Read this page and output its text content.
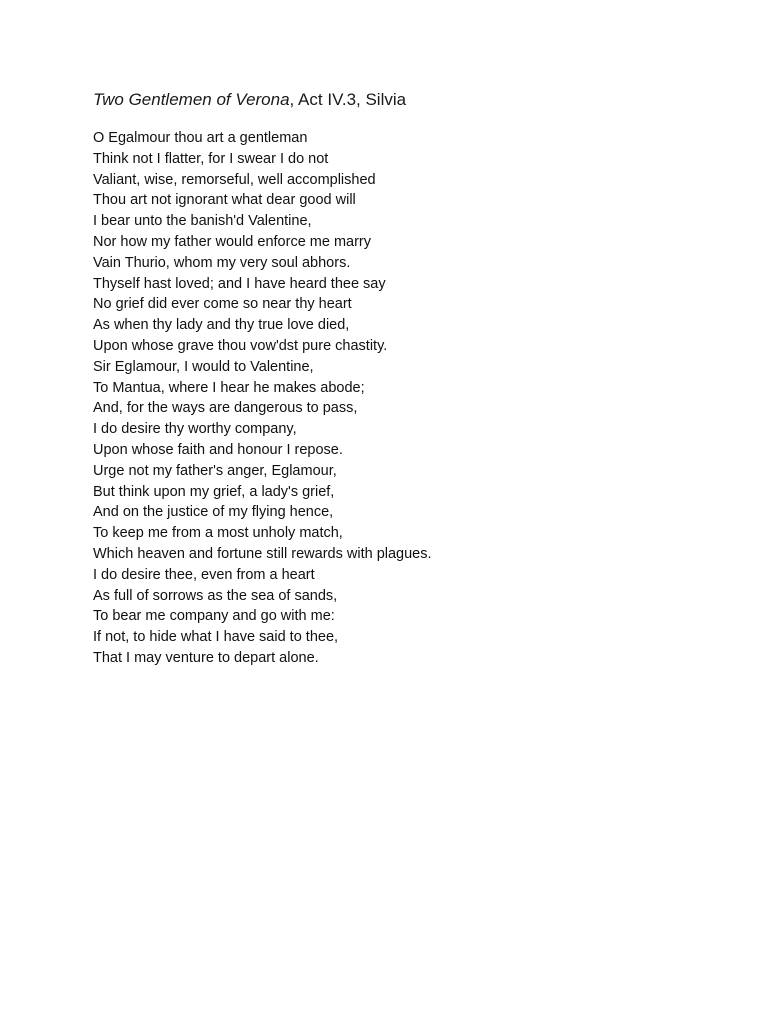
Two Gentlemen of Verona, Act IV.3, Silvia
O Egalmour thou art a gentleman
Think not I flatter, for I swear I do not
Valiant, wise, remorseful, well accomplished
Thou art not ignorant what dear good will
I bear unto the banish'd Valentine,
Nor how my father would enforce me marry
Vain Thurio, whom my very soul abhors.
Thyself hast loved; and I have heard thee say
No grief did ever come so near thy heart
As when thy lady and thy true love died,
Upon whose grave thou vow'dst pure chastity.
Sir Eglamour, I would to Valentine,
To Mantua, where I hear he makes abode;
And, for the ways are dangerous to pass,
I do desire thy worthy company,
Upon whose faith and honour I repose.
Urge not my father's anger, Eglamour,
But think upon my grief, a lady's grief,
And on the justice of my flying hence,
To keep me from a most unholy match,
Which heaven and fortune still rewards with plagues.
I do desire thee, even from a heart
As full of sorrows as the sea of sands,
To bear me company and go with me:
If not, to hide what I have said to thee,
That I may venture to depart alone.
